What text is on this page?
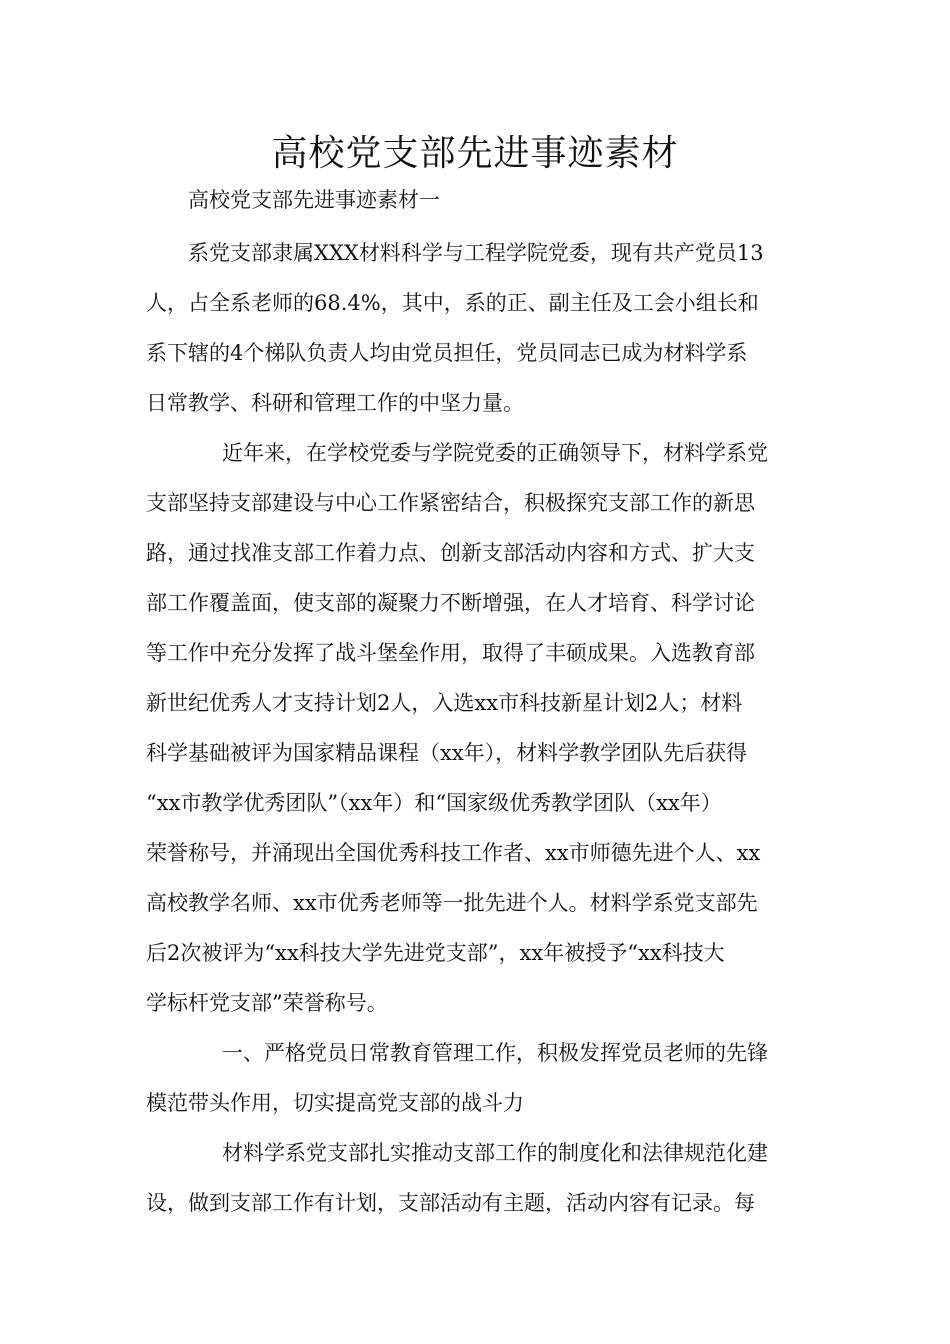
高校党支部先进事迹素材

高校党支部先进事迹素材一

系党支部隶属XXX材料科学与工程学院党委，现有共产党员13
人，占全系老师的68.4%，其中，系的正、副主任及工会小组长和
系下辖的4个梯队负责人均由党员担任，党员同志已成为材料学系
日常教学、科研和管理工作的中坚力量。

近年来，在学校党委与学院党委的正确领导下，材料学系党
支部坚持支部建设与中心工作紧密结合，积极探究支部工作的新思
路，通过找准支部工作着力点、创新支部活动内容和方式、扩大支
部工作覆盖面，使支部的凝聚力不断增强，在人才培育、科学讨论
等工作中充分发挥了战斗堡垒作用，取得了丰硕成果。入选教育部
新世纪优秀人才支持计划2人，入选xx市科技新星计划2人；材料
科学基础被评为国家精品课程（xx年），材料学教学团队先后获得
“xx市教学优秀团队”（xx年）和“国家级优秀教学团队（xx年）
荣誉称号，并涌现出全国优秀科技工作者、xx市师德先进个人、xx
高校教学名师、xx市优秀老师等一批先进个人。材料学系党支部先
后2次被评为“xx科技大学先进党支部”，xx年被授予“xx科技大
学标杆党支部”荣誉称号。

一、严格党员日常教育管理工作，积极发挥党员老师的先锋
模范带头作用，切实提高党支部的战斗力

材料学系党支部扎实推动支部工作的制度化和法律规范化建
设，做到支部工作有计划，支部活动有主题，活动内容有记录。每
